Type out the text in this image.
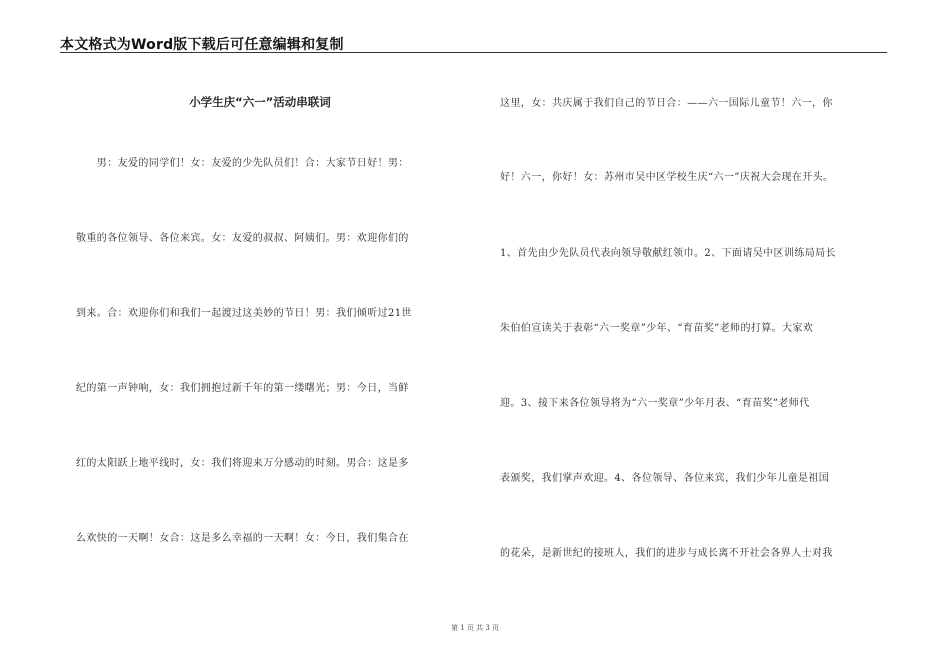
本文格式为Word版下载后可任意编辑和复制
小学生庆“六一”活动串联词
　　男：友爱的同学们！女：友爱的少先队员们！合：大家节日好！男：
敬重的各位领导、各位来宾。女：友爱的叔叔、阿姨们。男：欢迎你们的
到来。合：欢迎你们和我们一起渡过这美妙的节日！男：我们倾听过21世
纪的第一声钟响，女：我们拥抱过新千年的第一缕曙光；男：今日，当鲜
红的太阳跃上地平线时，女：我们将迎来万分感动的时刻。男合：这是多
么欢快的一天啊！女合：这是多么幸福的一天啊！女：今日，我们集合在
这里，女：共庆属于我们自己的节日合：——六一国际儿童节！六一，你
好！六一，你好！女：苏州市吴中区学校生庆“六一”庆祝大会现在开头。
1、首先由少先队员代表向领导敬献红领巾。2、下面请吴中区训练局局长
朱伯伯宣读关于表彰“六一奖章”少年、“育苗奖”老师的打算。大家欢
迎。3、接下来各位领导将为“六一奖章”少年月表、“育苗奖”老师代
表颁奖，我们掌声欢迎。4、各位领导、各位来宾，我们少年儿童是祖国
的花朵，是新世纪的接班人，我们的进步与成长离不开社会各界人士对我
第 1 页 共 3 页
